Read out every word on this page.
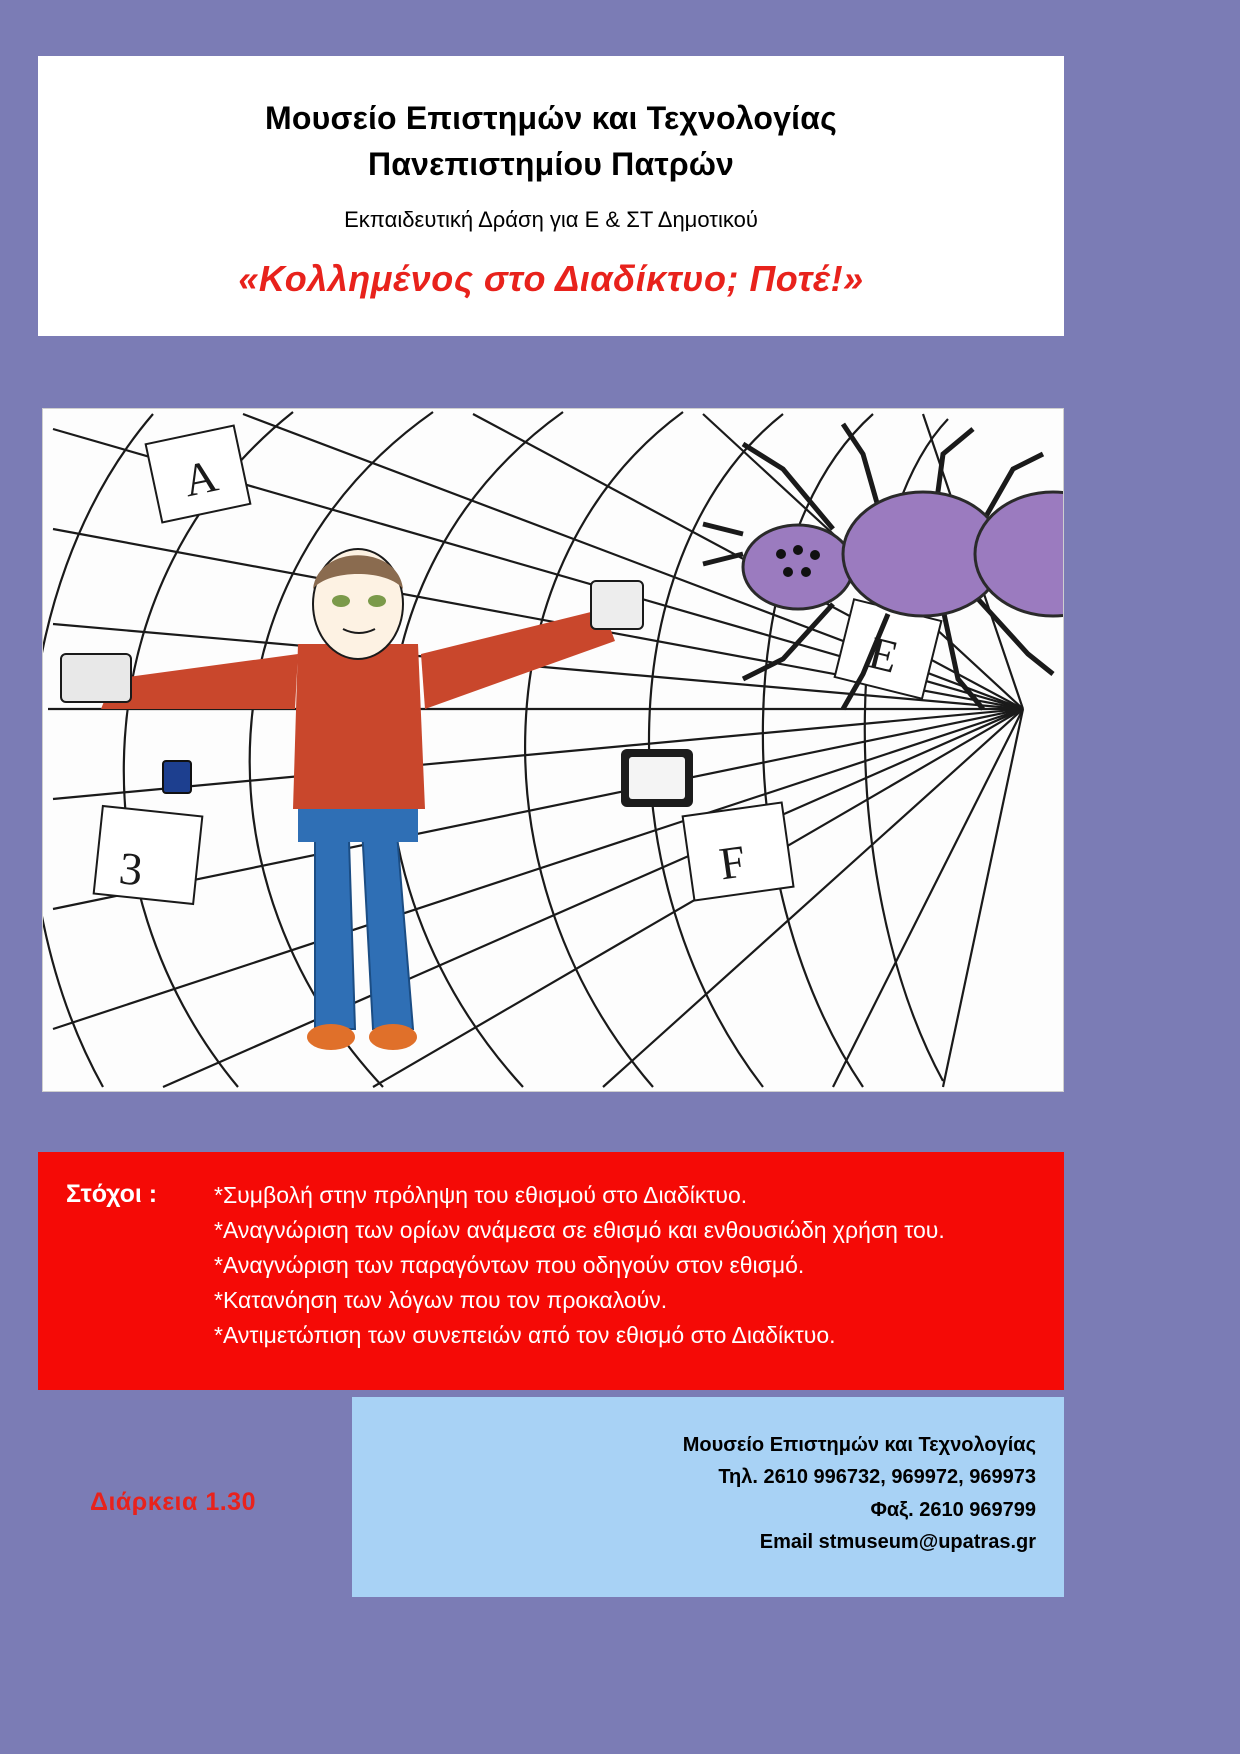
Μουσείο Επιστημών και Τεχνολογίας
Πανεπιστημίου Πατρών
Εκπαιδευτική Δράση για Ε & ΣΤ Δημοτικού
«Κολλημένος στο Διαδίκτυο; Ποτέ!»
A
E
F
3
Στόχοι :	*Συμβολή στην πρόληψη του εθισμού στο Διαδίκτυο.
*Αναγνώριση των ορίων ανάμεσα σε εθισμό και ενθουσιώδη χρήση του.
*Αναγνώριση των παραγόντων που οδηγούν στον εθισμό.
*Κατανόηση των λόγων που τον προκαλούν.
*Αντιμετώπιση των συνεπειών από τον εθισμό στο Διαδίκτυο.
Διάρκεια 1.30
Μουσείο Επιστημών και Τεχνολογίας
Τηλ. 2610 996732, 969972, 969973
Φαξ. 2610 969799
Email stmuseum@upatras.gr
